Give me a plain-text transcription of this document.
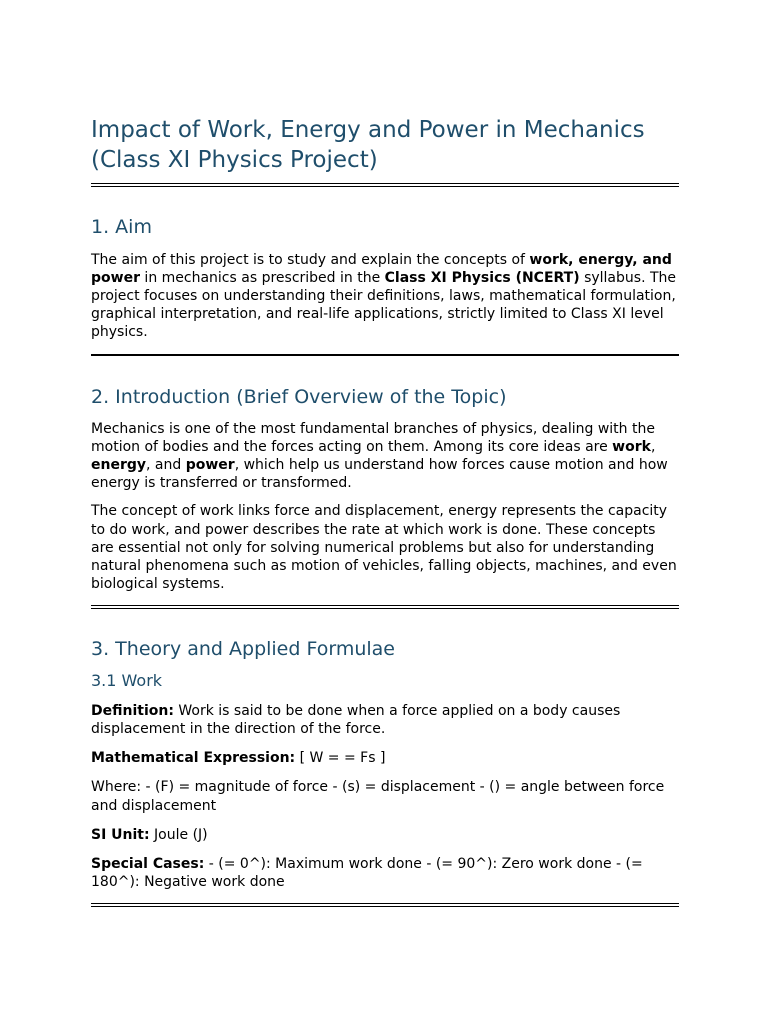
Impact of Work, Energy and Power in Mechanics (Class XI Physics Project)
1. Aim

The aim of this project is to study and explain the concepts of work, energy, and power in mechanics as prescribed in the Class XI Physics (NCERT) syllabus. The project focuses on understanding their definitions, laws, mathematical formulation, graphical interpretation, and real-life applications, strictly limited to Class XI level physics.

2. Introduction (Brief Overview of the Topic)

Mechanics is one of the most fundamental branches of physics, dealing with the motion of bodies and the forces acting on them. Among its core ideas are work, energy, and power, which help us understand how forces cause motion and how energy is transferred or transformed.

The concept of work links force and displacement, energy represents the capacity to do work, and power describes the rate at which work is done. These concepts are essential not only for solving numerical problems but also for understanding natural phenomena such as motion of vehicles, falling objects, machines, and even biological systems.

3. Theory and Applied Formulae
3.1 Work

Definition: Work is said to be done when a force applied on a body causes displacement in the direction of the force.

Mathematical Expression: [ W = = Fs ]

Where: - (F) = magnitude of force - (s) = displacement - () = angle between force and displacement

SI Unit: Joule (J)

Special Cases: - (= 0^): Maximum work done - (= 90^): Zero work done - (= 180^): Negative work done
